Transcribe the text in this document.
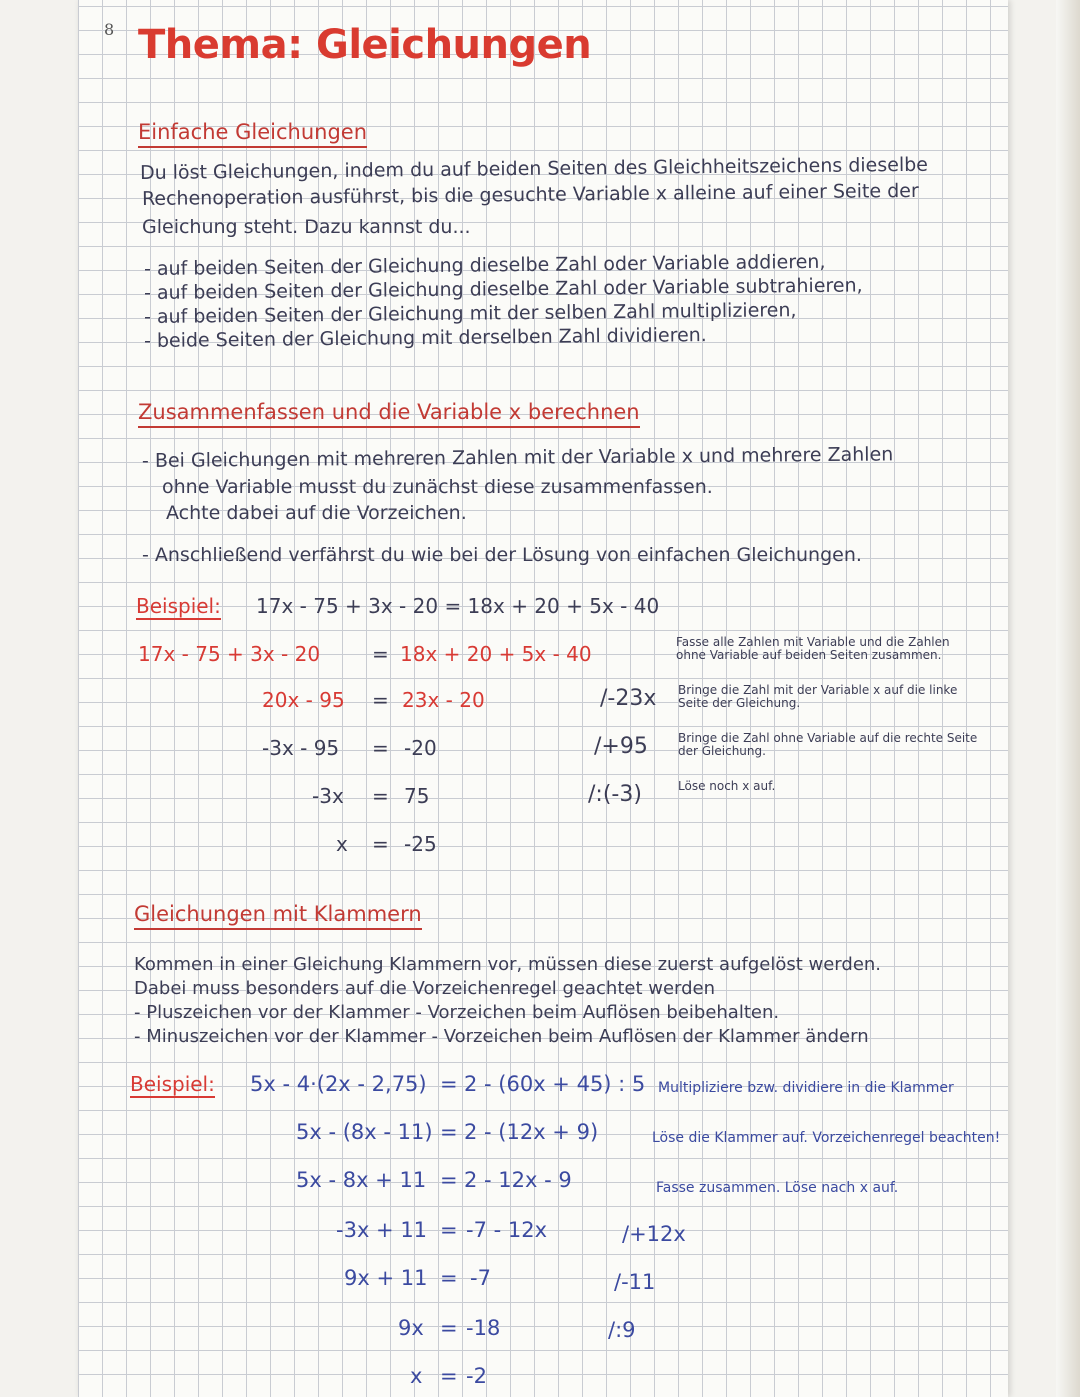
8 Thema: Gleichungen
Einfache Gleichungen
Du löst Gleichungen, indem du auf beiden Seiten des Gleichheitszeichens dieselbe
Rechenoperation ausführst, bis die gesuchte Variable x alleine auf einer Seite der
Gleichung steht. Dazu kannst du...
- auf beiden Seiten der Gleichung dieselbe Zahl oder Variable addieren,
- auf beiden Seiten der Gleichung dieselbe Zahl oder Variable subtrahieren,
- auf beiden Seiten der Gleichung mit der selben Zahl multiplizieren,
- beide Seiten der Gleichung mit derselben Zahl dividieren.
Zusammenfassen und die Variable x berechnen
- Bei Gleichungen mit mehreren Zahlen mit der Variable x und mehrere Zahlen
ohne Variable musst du zunächst diese zusammenfassen.
Achte dabei auf die Vorzeichen.
- Anschließend verfährst du wie bei der Lösung von einfachen Gleichungen.
Beispiel: 17x - 75 + 3x - 20 = 18x + 20 + 5x - 40
17x - 75 + 3x - 20	= 18x + 20 + 5x - 40	Fasse alle Zahlen mit Variable und die Zahlen ohne Variable auf beiden Seiten zusammen.
20x - 95 = 23x - 20	/-23x Bringe die Zahl mit der Variable x auf die linke Seite der Gleichung.
-3x - 95 = -20	/+95	Bringe die Zahl ohne Variable auf die rechte Seite der Gleichung.
-3x = 75	/:(-3)	Löse noch x auf.
x = -25
Gleichungen mit Klammern
Kommen in einer Gleichung Klammern vor, müssen diese zuerst aufgelöst werden.
Dabei muss besonders auf die Vorzeichenregel geachtet werden
- Pluszeichen vor der Klammer - Vorzeichen beim Auflösen beibehalten.
- Minuszeichen vor der Klammer - Vorzeichen beim Auflösen der Klammer ändern
Beispiel: 5x - 4·(2x - 2,75) = 2 - (60x + 45) : 5 Multipliziere bzw. dividiere in die Klammer
5x - (8x - 11) = 2 - (12x + 9)	Löse die Klammer auf. Vorzeichenregel beachten!
5x - 8x + 11 = 2 - 12x - 9	Fasse zusammen. Löse nach x auf.
-3x + 11 = -7 - 12x	/+12x
9x + 11 = -7	/-11
9x = -18	/:9
x = -2
